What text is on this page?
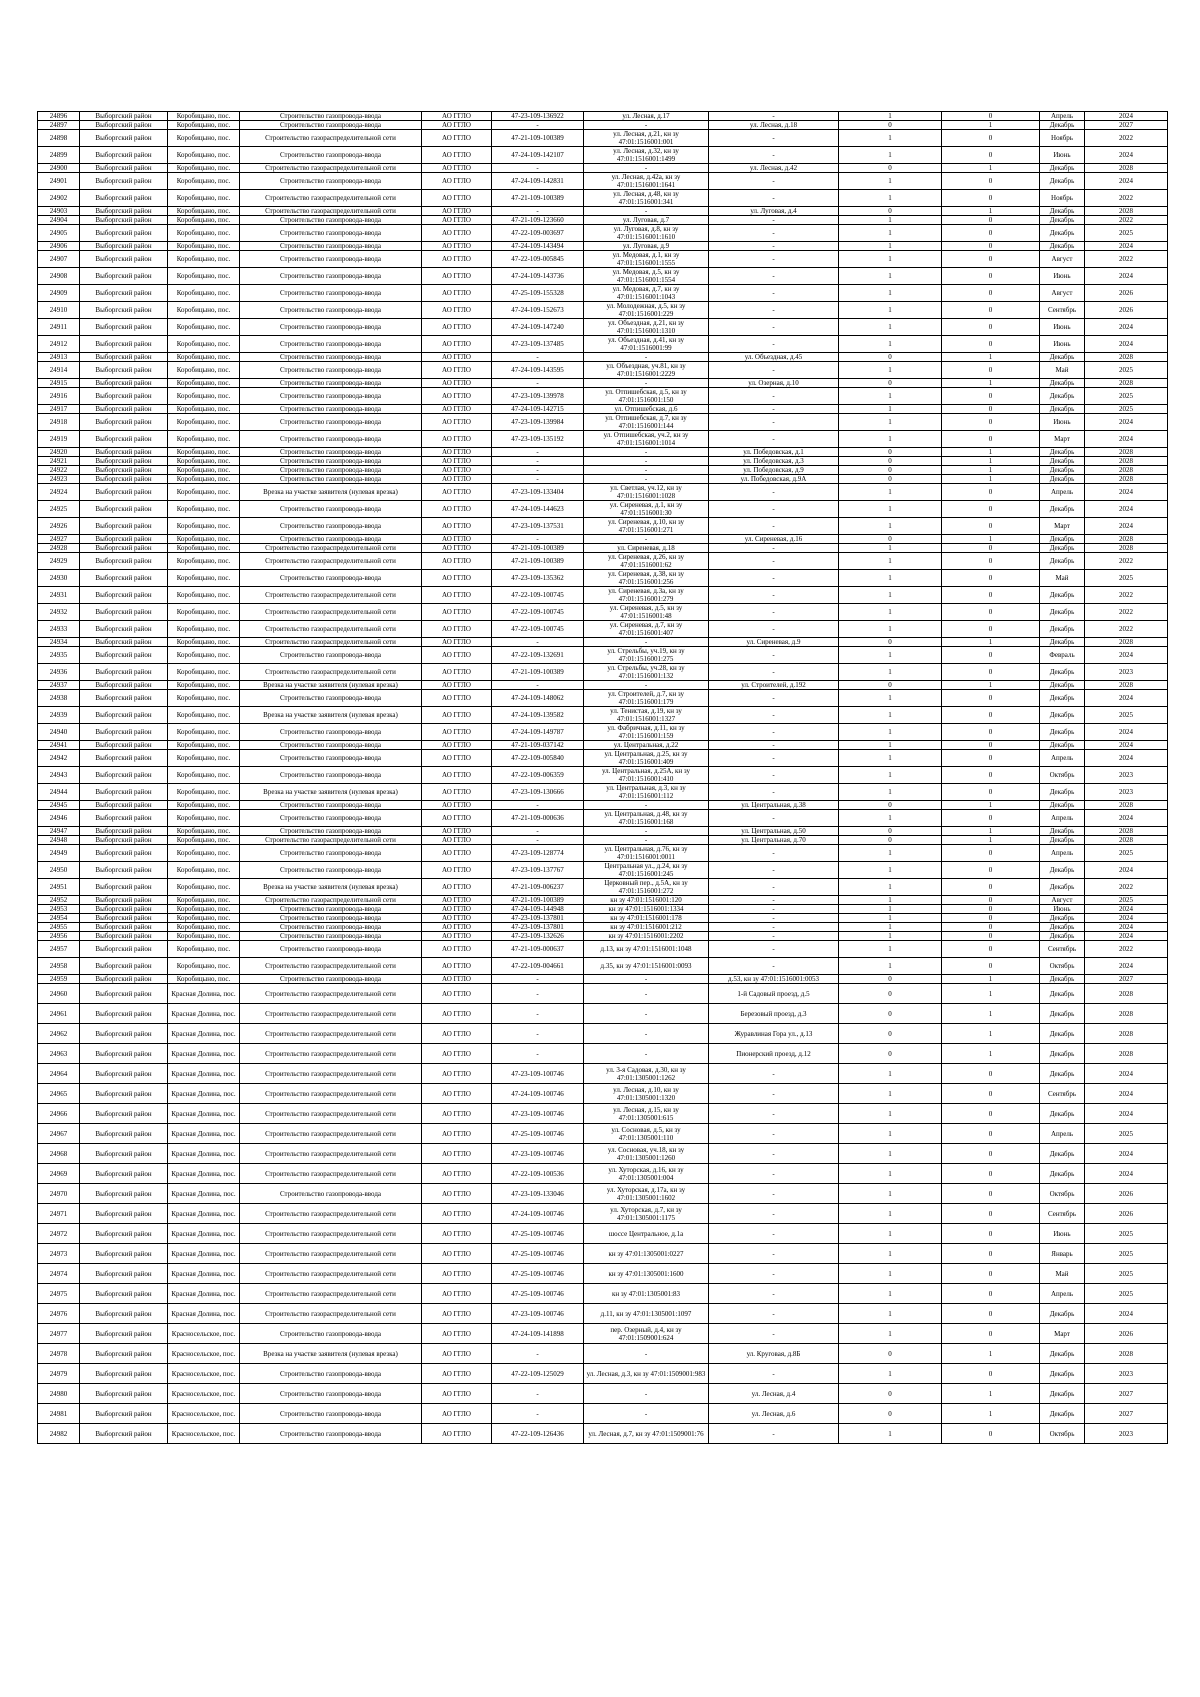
24896	Выборгский район	Коробицыно, пос.	Строительство газопровода-ввода	АО ГГЛО	47-23-109-136922	ул. Лесная, д.17	-	1	0	Апрель	2024
24897	Выборгский район	Коробицыно, пос.	Строительство газопровода-ввода	АО ГГЛО	-	-	ул. Лесная, д.18	0	1	Декабрь	2027
24898	Выборгский район	Коробицыно, пос.	Строительство газораспределительной сети	АО ГГЛО	47-21-109-100389	ул. Лесная, д.21, кн зу 47:01:1516001:001	-	1	0	Ноябрь	2022
24899	Выборгский район	Коробицыно, пос.	Строительство газопровода-ввода	АО ГГЛО	47-24-109-142107	ул. Лесная, д.32, кн зу 47:01:1516001:1499	-	1	0	Июнь	2024
24900	Выборгский район	Коробицыно, пос.	Строительство газораспределительной сети	АО ГГЛО	-	-	ул. Лесная, д.42	0	1	Декабрь	2028
24901	Выборгский район	Коробицыно, пос.	Строительство газопровода-ввода	АО ГГЛО	47-24-109-142831	ул. Лесная, д.42а, кн зу 47:01:1516001:1641	-	1	0	Декабрь	2024
24902	Выборгский район	Коробицыно, пос.	Строительство газораспределительной сети	АО ГГЛО	47-21-109-100389	ул. Лесная, д.48, кн зу 47:01:1516001:341	-	1	0	Ноябрь	2022
24903	Выборгский район	Коробицыно, пос.	Строительство газораспределительной сети	АО ГГЛО	-	-	ул. Луговая, д.4	0	1	Декабрь	2028
24904	Выборгский район	Коробицыно, пос.	Строительство газопровода-ввода	АО ГГЛО	47-21-109-123660	ул. Луговая, д.7	-	1	0	Декабрь	2022
24905	Выборгский район	Коробицыно, пос.	Строительство газопровода-ввода	АО ГГЛО	47-22-109-003697	ул. Луговая, д.8, кн зу 47:01:1516001:1610	-	1	0	Декабрь	2025
24906	Выборгский район	Коробицыно, пос.	Строительство газопровода-ввода	АО ГГЛО	47-24-109-143494	ул. Луговая, д.9	-	1	0	Декабрь	2024
24907	Выборгский район	Коробицыно, пос.	Строительство газопровода-ввода	АО ГГЛО	47-22-109-005845	ул. Медовая, д.1, кн зу 47:01:1516001:1555	-	1	0	Август	2022
24908	Выборгский район	Коробицыно, пос.	Строительство газопровода-ввода	АО ГГЛО	47-24-109-143736	ул. Медовая, д.5, кн зу 47:01:1516001:1554	-	1	0	Июнь	2024
24909	Выборгский район	Коробицыно, пос.	Строительство газопровода-ввода	АО ГГЛО	47-25-109-155328	ул. Медовая, д.7, кн зу 47:01:1516001:1043	-	1	0	Август	2026
24910	Выборгский район	Коробицыно, пос.	Строительство газопровода-ввода	АО ГГЛО	47-24-109-152673	ул. Молодежная, д.5, кн зу 47:01:1516001:229	-	1	0	Сентябрь	2026
24911	Выборгский район	Коробицыно, пос.	Строительство газопровода-ввода	АО ГГЛО	47-24-109-147240	ул. Объездная, д.21, кн зу 47:01:1516001:1310	-	1	0	Июнь	2024
24912	Выборгский район	Коробицыно, пос.	Строительство газопровода-ввода	АО ГГЛО	47-23-109-137485	ул. Объездная, д.41, кн зу 47:01:1516001:99	-	1	0	Июнь	2024
24913	Выборгский район	Коробицыно, пос.	Строительство газопровода-ввода	АО ГГЛО	-	-	ул. Объездная, д.45	0	1	Декабрь	2028
24914	Выборгский район	Коробицыно, пос.	Строительство газопровода-ввода	АО ГГЛО	47-24-109-143595	ул. Объездная, уч.81, кн зу 47:01:1516001:2229	-	1	0	Май	2025
24915	Выборгский район	Коробицыно, пос.	Строительство газопровода-ввода	АО ГГЛО	-	-	ул. Озерная, д.10	0	1	Декабрь	2028
24916	Выборгский район	Коробицыно, пос.	Строительство газопровода-ввода	АО ГГЛО	47-23-109-139978	ул. Отпишебская, д.5, кн зу 47:01:1516001:150	-	1	0	Декабрь	2025
24917	Выборгский район	Коробицыно, пос.	Строительство газопровода-ввода	АО ГГЛО	47-24-109-142715	ул. Отпишебская, д.6	-	1	0	Декабрь	2025
24918	Выборгский район	Коробицыно, пос.	Строительство газопровода-ввода	АО ГГЛО	47-23-109-139984	ул. Отпишебская, д.7, кн зу 47:01:1516001:144	-	1	0	Июнь	2024
24919	Выборгский район	Коробицыно, пос.	Строительство газопровода-ввода	АО ГГЛО	47-23-109-135192	ул. Отпишебская, уч.2, кн зу 47:01:1516001:1014	-	1	0	Март	2024
24920	Выборгский район	Коробицыно, пос.	Строительство газопровода-ввода	АО ГГЛО	-	-	ул. Победовская, д.1	0	1	Декабрь	2028
24921	Выборгский район	Коробицыно, пос.	Строительство газопровода-ввода	АО ГГЛО	-	-	ул. Победовская, д.3	0	1	Декабрь	2028
24922	Выборгский район	Коробицыно, пос.	Строительство газопровода-ввода	АО ГГЛО	-	-	ул. Победовская, д.9	0	1	Декабрь	2028
24923	Выборгский район	Коробицыно, пос.	Строительство газопровода-ввода	АО ГГЛО	-	-	ул. Победовская, д.9А	0	1	Декабрь	2028
24924	Выборгский район	Коробицыно, пос.	Врезка на участке заявителя (нулевая врезка)	АО ГГЛО	47-23-109-133404	ул. Светлая, уч.12, кн зу 47:01:1516001:1028	-	1	0	Апрель	2024
24925	Выборгский район	Коробицыно, пос.	Строительство газопровода-ввода	АО ГГЛО	47-24-109-144623	ул. Сиреневая, д.1, кн зу 47:01:1516001:30	-	1	0	Декабрь	2024
24926	Выборгский район	Коробицыно, пос.	Строительство газопровода-ввода	АО ГГЛО	47-23-109-137531	ул. Сиреневая, д.10, кн зу 47:01:1516001:271	-	1	0	Март	2024
24927	Выборгский район	Коробицыно, пос.	Строительство газопровода-ввода	АО ГГЛО	-	-	ул. Сиреневая, д.16	0	1	Декабрь	2028
24928	Выборгский район	Коробицыно, пос.	Строительство газораспределительной сети	АО ГГЛО	47-21-109-100389	ул. Сиреневая, д.18	-	1	0	Декабрь	2028
24929	Выборгский район	Коробицыно, пос.	Строительство газораспределительной сети	АО ГГЛО	47-21-109-100389	ул. Сиреневая, д.26, кн зу 47:01:1516001:62	-	1	0	Декабрь	2022
24930	Выборгский район	Коробицыно, пос.	Строительство газопровода-ввода	АО ГГЛО	47-23-109-135362	ул. Сиреневая, д.38, кн зу 47:01:1516001:256	-	1	0	Май	2025
24931	Выборгский район	Коробицыно, пос.	Строительство газораспределительной сети	АО ГГЛО	47-22-109-100745	ул. Сиреневая, д.3а, кн зу 47:01:1516001:279	-	1	0	Декабрь	2022
24932	Выборгский район	Коробицыно, пос.	Строительство газораспределительной сети	АО ГГЛО	47-22-109-100745	ул. Сиреневая, д.5, кн зу 47:01:1516001:48	-	1	0	Декабрь	2022
24933	Выборгский район	Коробицыно, пос.	Строительство газораспределительной сети	АО ГГЛО	47-22-109-100745	ул. Сиреневая, д.7, кн зу 47:01:1516001:407	-	1	0	Декабрь	2022
24934	Выборгский район	Коробицыно, пос.	Строительство газораспределительной сети	АО ГГЛО	-	-	ул. Сиреневая, д.9	0	1	Декабрь	2028
24935	Выборгский район	Коробицыно, пос.	Строительство газопровода-ввода	АО ГГЛО	47-22-109-132691	ул. Стрельбы, уч.19, кн зу 47:01:1516001:275	-	1	0	Февраль	2024
24936	Выборгский район	Коробицыно, пос.	Строительство газораспределительной сети	АО ГГЛО	47-21-109-100389	ул. Стрельбы, уч.28, кн зу 47:01:1516001:132	-	1	0	Декабрь	2023
24937	Выборгский район	Коробицыно, пос.	Врезка на участке заявителя (нулевая врезка)	АО ГГЛО	-	-	ул. Строителей, д.192	0	1	Декабрь	2028
24938	Выборгский район	Коробицыно, пос.	Строительство газопровода-ввода	АО ГГЛО	47-24-109-148062	ул. Строителей, д.7, кн зу 47:01:1516001:179	-	1	0	Декабрь	2024
24939	Выборгский район	Коробицыно, пос.	Врезка на участке заявителя (нулевая врезка)	АО ГГЛО	47-24-109-139582	ул. Тенистая, д.19, кн зу 47:01:1516001:1327	-	1	0	Декабрь	2025
24940	Выборгский район	Коробицыно, пос.	Строительство газопровода-ввода	АО ГГЛО	47-24-109-149787	ул. Фабричная, д.11, кн зу 47:01:1516001:159	-	1	0	Декабрь	2024
24941	Выборгский район	Коробицыно, пос.	Строительство газопровода-ввода	АО ГГЛО	47-21-109-037142	ул. Центральная, д.22	-	1	0	Декабрь	2024
24942	Выборгский район	Коробицыно, пос.	Строительство газопровода-ввода	АО ГГЛО	47-22-109-005840	ул. Центральная, д.25, кн зу 47:01:1516001:409	-	1	0	Апрель	2024
24943	Выборгский район	Коробицыно, пос.	Строительство газопровода-ввода	АО ГГЛО	47-22-109-006359	ул. Центральная, д.25А, кн зу 47:01:1516001:410	-	1	0	Октябрь	2023
24944	Выборгский район	Коробицыно, пос.	Врезка на участке заявителя (нулевая врезка)	АО ГГЛО	47-23-109-130666	ул. Центральная, д.3, кн зу 47:01:1516001:112	-	1	0	Декабрь	2023
24945	Выборгский район	Коробицыно, пос.	Строительство газопровода-ввода	АО ГГЛО	-	-	ул. Центральная, д.38	0	1	Декабрь	2028
24946	Выборгский район	Коробицыно, пос.	Строительство газопровода-ввода	АО ГГЛО	47-21-109-000636	ул. Центральная, д.48, кн зу 47:01:1516001:168	-	1	0	Апрель	2024
24947	Выборгский район	Коробицыно, пос.	Строительство газопровода-ввода	АО ГГЛО	-	-	ул. Центральная, д.50	0	1	Декабрь	2028
24948	Выборгский район	Коробицыно, пос.	Строительство газораспределительной сети	АО ГГЛО	-	-	ул. Центральная, д.70	0	1	Декабрь	2028
24949	Выборгский район	Коробицыно, пос.	Строительство газопровода-ввода	АО ГГЛО	47-23-109-128774	ул. Центральная, д.76, кн зу 47:01:1516001:0011	-	1	0	Апрель	2025
24950	Выборгский район	Коробицыно, пос.	Строительство газопровода-ввода	АО ГГЛО	47-23-109-137767	Центральная ул., д.24, кн зу 47:01:1516001:245	-	1	0	Декабрь	2024
24951	Выборгский район	Коробицыно, пос.	Врезка на участке заявителя (нулевая врезка)	АО ГГЛО	47-21-109-006237	Церковный пер., д.5А, кн зу 47:01:1516001:272	-	1	0	Декабрь	2022
24952	Выборгский район	Коробицыно, пос.	Строительство газораспределительной сети	АО ГГЛО	47-21-109-100389	кн зу 47:01:1516001:120	-	1	0	Август	2025
24953	Выборгский район	Коробицыно, пос.	Строительство газопровода-ввода	АО ГГЛО	47-24-109-144948	кн зу 47:01:1516001:1334	-	1	0	Июнь	2024
24954	Выборгский район	Коробицыно, пос.	Строительство газопровода-ввода	АО ГГЛО	47-23-109-137801	кн зу 47:01:1516001:178	-	1	0	Декабрь	2024
24955	Выборгский район	Коробицыно, пос.	Строительство газопровода-ввода	АО ГГЛО	47-23-109-137801	кн зу 47:01:1516001:212	-	1	0	Декабрь	2024
24956	Выборгский район	Коробицыно, пос.	Строительство газопровода-ввода	АО ГГЛО	47-23-109-132626	кн зу 47:01:1516001:2202	-	1	0	Декабрь	2024
24957	Выборгский район	Коробицыно, пос.	Строительство газопровода-ввода	АО ГГЛО	47-21-109-000637	д.13, кн зу 47:01:1516001:1048	-	1	0	Сентябрь	2022
24958	Выборгский район	Коробицыно, пос.	Строительство газораспределительной сети	АО ГГЛО	47-22-109-004661	д.35, кн зу 47:01:1516001:0093	-	1	0	Октябрь	2024
24959	Выборгский район	Коробицыно, пос.	Строительство газопровода-ввода	АО ГГЛО	-	-	д.53, кн зу 47:01:1516001:0053	0	1	Декабрь	2027
24960	Выборгский район	Красная Долина, пос.	Строительство газораспределительной сети	АО ГГЛО	-	-	1-й Садовый проезд, д.5	0	1	Декабрь	2028
24961	Выборгский район	Красная Долина, пос.	Строительство газораспределительной сети	АО ГГЛО	-	-	Березовый проезд, д.3	0	1	Декабрь	2028
24962	Выборгский район	Красная Долина, пос.	Строительство газораспределительной сети	АО ГГЛО	-	-	Журавлиная Гора ул., д.13	0	1	Декабрь	2028
24963	Выборгский район	Красная Долина, пос.	Строительство газораспределительной сети	АО ГГЛО	-	-	Пионерский проезд, д.12	0	1	Декабрь	2028
24964	Выборгский район	Красная Долина, пос.	Строительство газораспределительной сети	АО ГГЛО	47-23-109-100746	ул. 3-я Садовая, д.30, кн зу 47:01:1305001:1262	-	1	0	Декабрь	2024
24965	Выборгский район	Красная Долина, пос.	Строительство газораспределительной сети	АО ГГЛО	47-24-109-100746	ул. Лесная, д.10, кн зу 47:01:1305001:1320	-	1	0	Сентябрь	2024
24966	Выборгский район	Красная Долина, пос.	Строительство газораспределительной сети	АО ГГЛО	47-23-109-100746	ул. Лесная, д.15, кн зу 47:01:1305001:615	-	1	0	Декабрь	2024
24967	Выборгский район	Красная Долина, пос.	Строительство газораспределительной сети	АО ГГЛО	47-25-109-100746	ул. Сосновая, д.5, кн зу 47:01:1305001:110	-	1	0	Апрель	2025
24968	Выборгский район	Красная Долина, пос.	Строительство газораспределительной сети	АО ГГЛО	47-23-109-100746	ул. Сосновая, уч.18, кн зу 47:01:1305001:1260	-	1	0	Декабрь	2024
24969	Выборгский район	Красная Долина, пос.	Строительство газораспределительной сети	АО ГГЛО	47-22-109-100536	ул. Хуторская, д.16, кн зу 47:01:1305001:004	-	1	0	Декабрь	2024
24970	Выборгский район	Красная Долина, пос.	Строительство газопровода-ввода	АО ГГЛО	47-23-109-133046	ул. Хуторская, д.17а, кн зу 47:01:1305001:1602	-	1	0	Октябрь	2026
24971	Выборгский район	Красная Долина, пос.	Строительство газораспределительной сети	АО ГГЛО	47-24-109-100746	ул. Хуторская, д.7, кн зу 47:01:1305001:1175	-	1	0	Сентябрь	2026
24972	Выборгский район	Красная Долина, пос.	Строительство газораспределительной сети	АО ГГЛО	47-25-109-100746	шоссе Центральное, д.1а	-	1	0	Июнь	2025
24973	Выборгский район	Красная Долина, пос.	Строительство газораспределительной сети	АО ГГЛО	47-25-109-100746	кн зу 47:01:1305001:0227	-	1	0	Январь	2025
24974	Выборгский район	Красная Долина, пос.	Строительство газораспределительной сети	АО ГГЛО	47-25-109-100746	кн зу 47:01:1305001:1600	-	1	0	Май	2025
24975	Выборгский район	Красная Долина, пос.	Строительство газораспределительной сети	АО ГГЛО	47-25-109-100746	кн зу 47:01:1305001:83	-	1	0	Апрель	2025
24976	Выборгский район	Красная Долина, пос.	Строительство газораспределительной сети	АО ГГЛО	47-23-109-100746	д.11, кн зу 47:01:1305001:1097	-	1	0	Декабрь	2024
24977	Выборгский район	Красносельское, пос.	Строительство газопровода-ввода	АО ГГЛО	47-24-109-141898	пер. Озерный, д.4, кн зу 47:01:1509001:624	-	1	0	Март	2026
24978	Выборгский район	Красносельское, пос.	Врезка на участке заявителя (нулевая врезка)	АО ГГЛО	-	-	ул. Круговая, д.8Б	0	1	Декабрь	2028
24979	Выборгский район	Красносельское, пос.	Строительство газопровода-ввода	АО ГГЛО	47-22-109-125029	ул. Лесная, д.3, кн зу 47:01:1509001:983	-	1	0	Декабрь	2023
24980	Выборгский район	Красносельское, пос.	Строительство газопровода-ввода	АО ГГЛО	-	-	ул. Лесная, д.4	0	1	Декабрь	2027
24981	Выборгский район	Красносельское, пос.	Строительство газопровода-ввода	АО ГГЛО	-	-	ул. Лесная, д.6	0	1	Декабрь	2027
24982	Выборгский район	Красносельское, пос.	Строительство газопровода-ввода	АО ГГЛО	47-22-109-126436	ул. Лесная, д.7, кн зу 47:01:1509001:76	-	1	0	Октябрь	2023
